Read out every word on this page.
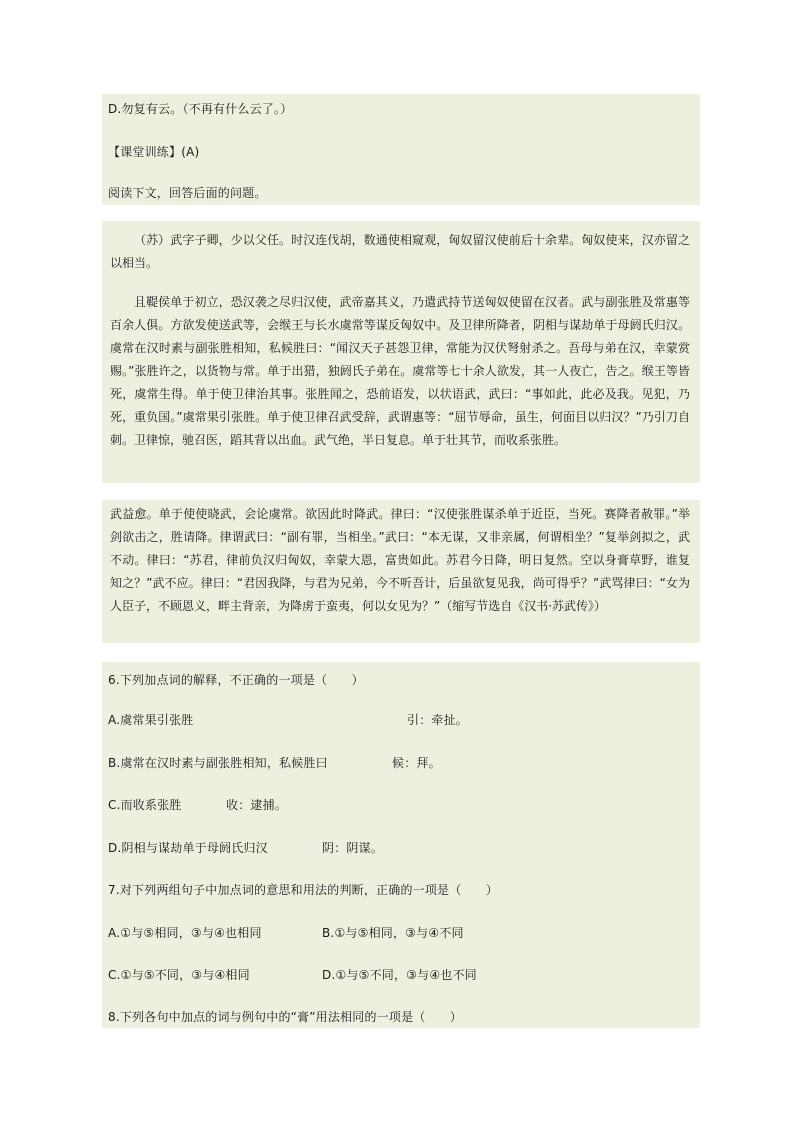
D.勿复有云。（不再有什么云了。）
【课堂训练】(A)
阅读下文，回答后面的问题。

（苏）武字子卿，少以父任。时汉连伐胡，数通使相窥观，匈奴留汉使前后十余辈。匈奴使来，汉亦留之以相当。

且鞮侯单于初立，恐汉袭之尽归汉使，武帝嘉其义，乃遣武持节送匈奴使留在汉者。武与副张胜及常惠等百余人俱。方欲发使送武等，会缑王与长水虞常等谋反匈奴中。及卫律所降者，阴相与谋劫单于母阏氏归汉。虞常在汉时素与副张胜相知，私候胜曰：“闻汉天子甚怨卫律，常能为汉伏弩射杀之。吾母与弟在汉，幸蒙赏赐。”张胜许之，以货物与常。单于出猎，独阏氏子弟在。虞常等七十余人欲发，其一人夜亡，告之。缑王等皆死，虞常生得。单于使卫律治其事。张胜闻之，恐前语发，以状语武，武曰：“事如此，此必及我。见犯，乃死，重负国。”虞常果引张胜。单于使卫律召武受辞，武谓惠等：“屈节辱命，虽生，何面目以归汉？”乃引刀自刺。卫律惊，驰召医，蹈其背以出血。武气绝，半日复息。单于壮其节，而收系张胜。

武益愈。单于使使晓武，会论虞常。欲因此时降武。律曰：“汉使张胜谋杀单于近臣，当死。赛降者赦罪。”举剑欲击之，胜请降。律谓武曰：“副有罪，当相坐。”武曰：“本无谋，又非亲属，何谓相坐？”复举剑拟之，武不动。律曰：“苏君，律前负汉归匈奴，幸蒙大恩，富贵如此。苏君今日降，明日复然。空以身膏草野，谁复知之？”武不应。律曰：“君因我降，与君为兄弟，今不听吾计，后虽欲复见我，尚可得乎？”武骂律曰：“女为人臣子，不顾恩义，畔主背亲，为降虏于蛮夷，何以女见为？”（缩写节选自《汉书·苏武传》）

6.下列加点词的解释，不正确的一项是（　　）
A.虞常果引张胜	引：牵扯。
B.虞常在汉时素与副张胜相知，私候胜曰	候：拜。
C.而收系张胜	收：逮捕。
D.阴相与谋劫单于母阏氏归汉	阴：阴谋。
7.对下列两组句子中加点词的意思和用法的判断，正确的一项是（　　）
A.①与⑤相同，③与④也相同	B.①与⑤相同，③与④不同
C.①与⑤不同，③与④相同	D.①与⑤不同，③与④也不同
8.下列各句中加点的词与例句中的“膏”用法相同的一项是（　　）
